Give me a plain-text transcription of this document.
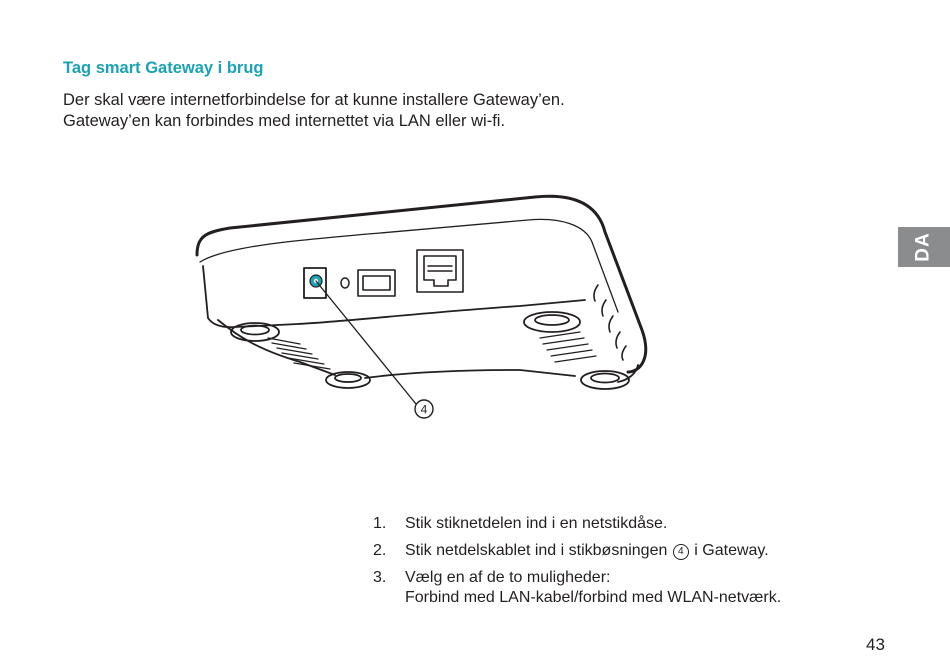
Tag smart Gateway i brug

Der skal være internetforbindelse for at kunne installere Gateway’en. Gateway’en kan forbindes med internettet via LAN eller wi-fi.

DA
4
1. Stik stiknetdelen ind i en netstikdåse.
2. Stik netdelskablet ind i stikbøsningen 4 i Gateway.
3. Vælg en af de to muligheder:
Forbind med LAN-kabel/forbind med WLAN-netværk.
43
